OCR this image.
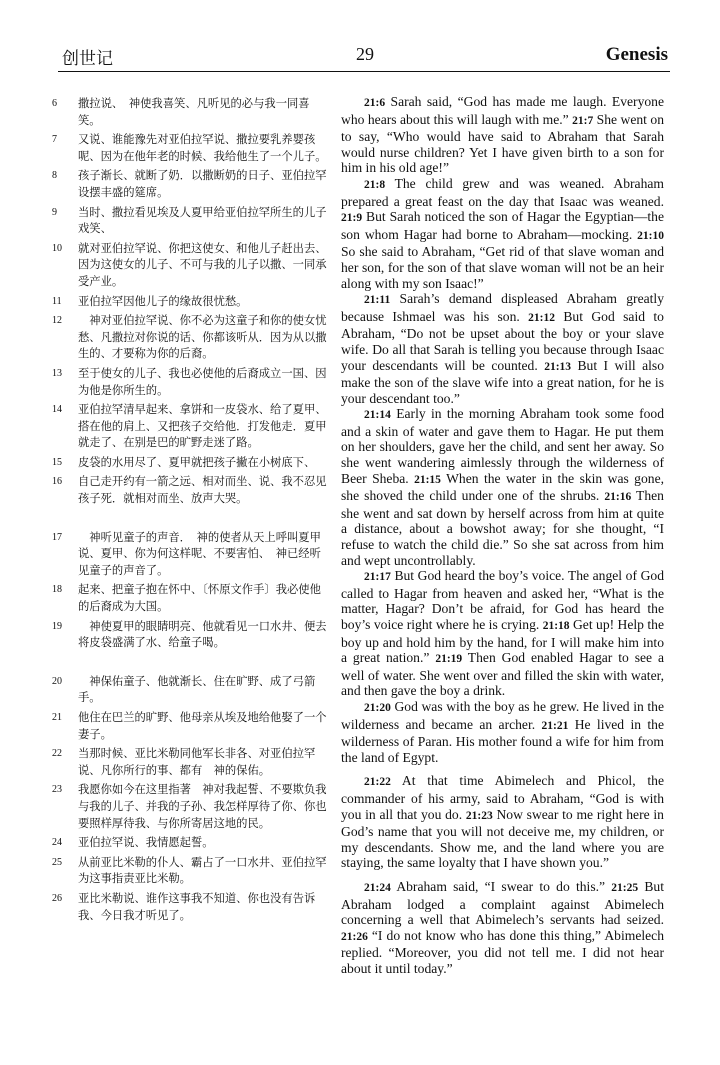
创世记	29	Genesis
6 撒拉说、　神使我喜笑、凡听见的必与我一同喜笑。
7 又说、谁能豫先对亚伯拉罕说、撒拉要乳养婴孩呢、因为在他年老的时候、我给他生了一个儿子。
8 孩子渐长、就断了奶．以撒断奶的日子、亚伯拉罕设摆丰盛的筵席。
9 当时、撒拉看见埃及人夏甲给亚伯拉罕所生的儿子戏笑、
10 就对亚伯拉罕说、你把这使女、和他儿子赶出去、因为这使女的儿子、不可与我的儿子以撒、一同承受产业。
11 亚伯拉罕因他儿子的缘故很忧愁。
12 　神对亚伯拉罕说、你不必为这童子和你的使女忧愁、凡撒拉对你说的话、你都该听从．因为从以撒生的、才要称为你的后裔。
13 至于使女的儿子、我也必使他的后裔成立一国、因为他是你所生的。
14 亚伯拉罕清早起来、拿饼和一皮袋水、给了夏甲、搭在他的肩上、又把孩子交给他．打发他走．夏甲就走了、在别是巴的旷野走迷了路。
15 皮袋的水用尽了、夏甲就把孩子撇在小树底下、
16 自己走开约有一箭之远、相对而坐、说、我不忍见孩子死．就相对而坐、放声大哭。
17 　神听见童子的声音．　神的使者从天上呼叫夏甲说、夏甲、你为何这样呢、不要害怕、　神已经听见童子的声音了。
18 起来、把童子抱在怀中、〔怀原文作手〕我必使他的后裔成为大国。
19 　神使夏甲的眼睛明亮、他就看见一口水井、便去将皮袋盛满了水、给童子喝。
20 　神保佑童子、他就渐长、住在旷野、成了弓箭手。
21 他住在巴兰的旷野、他母亲从埃及地给他娶了一个妻子。
22 当那时候、亚比米勒同他军长非各、对亚伯拉罕说、凡你所行的事、都有　神的保佑。
23 我愿你如今在这里指著　神对我起誓、不要欺负我与我的儿子、并我的子孙、我怎样厚待了你、你也要照样厚待我、与你所寄居这地的民。
24 亚伯拉罕说、我情愿起誓。
25 从前亚比米勒的仆人、霸占了一口水井、亚伯拉罕为这事指责亚比米勒。
26 亚比米勒说、谁作这事我不知道、你也没有告诉我、今日我才听见了。

21:6 Sarah said, “God has made me laugh. Everyone who hears about this will laugh with me.” 21:7 She went on to say, “Who would have said to Abraham that Sarah would nurse children? Yet I have given birth to a son for him in his old age!”

21:8 The child grew and was weaned. Abraham prepared a great feast on the day that Isaac was weaned. 21:9 But Sarah noticed the son of Hagar the Egyptian—the son whom Hagar had borne to Abraham—mocking. 21:10 So she said to Abraham, “Get rid of that slave woman and her son, for the son of that slave woman will not be an heir along with my son Isaac!”

21:11 Sarah’s demand displeased Abraham greatly because Ishmael was his son. 21:12 But God said to Abraham, “Do not be upset about the boy or your slave wife. Do all that Sarah is telling you because through Isaac your descendants will be counted. 21:13 But I will also make the son of the slave wife into a great nation, for he is your descendant too.”

21:14 Early in the morning Abraham took some food and a skin of water and gave them to Hagar. He put them on her shoulders, gave her the child, and sent her away. So she went wandering aimlessly through the wilderness of Beer Sheba. 21:15 When the water in the skin was gone, she shoved the child under one of the shrubs. 21:16 Then she went and sat down by herself across from him at quite a distance, about a bowshot away; for she thought, “I refuse to watch the child die.” So she sat across from him and wept uncontrollably.

21:17 But God heard the boy’s voice. The angel of God called to Hagar from heaven and asked her, “What is the matter, Hagar? Don’t be afraid, for God has heard the boy’s voice right where he is crying. 21:18 Get up! Help the boy up and hold him by the hand, for I will make him into a great nation.” 21:19 Then God enabled Hagar to see a well of water. She went over and filled the skin with water, and then gave the boy a drink.

21:20 God was with the boy as he grew. He lived in the wilderness and became an archer. 21:21 He lived in the wilderness of Paran. His mother found a wife for him from the land of Egypt.

21:22 At that time Abimelech and Phicol, the commander of his army, said to Abraham, “God is with you in all that you do. 21:23 Now swear to me right here in God’s name that you will not deceive me, my children, or my descendants. Show me, and the land where you are staying, the same loyalty that I have shown you.”

21:24 Abraham said, “I swear to do this.” 21:25 But Abraham lodged a complaint against Abimelech concerning a well that Abimelech’s servants had seized. 21:26 “I do not know who has done this thing,” Abimelech replied. “Moreover, you did not tell me. I did not hear about it until today.”
